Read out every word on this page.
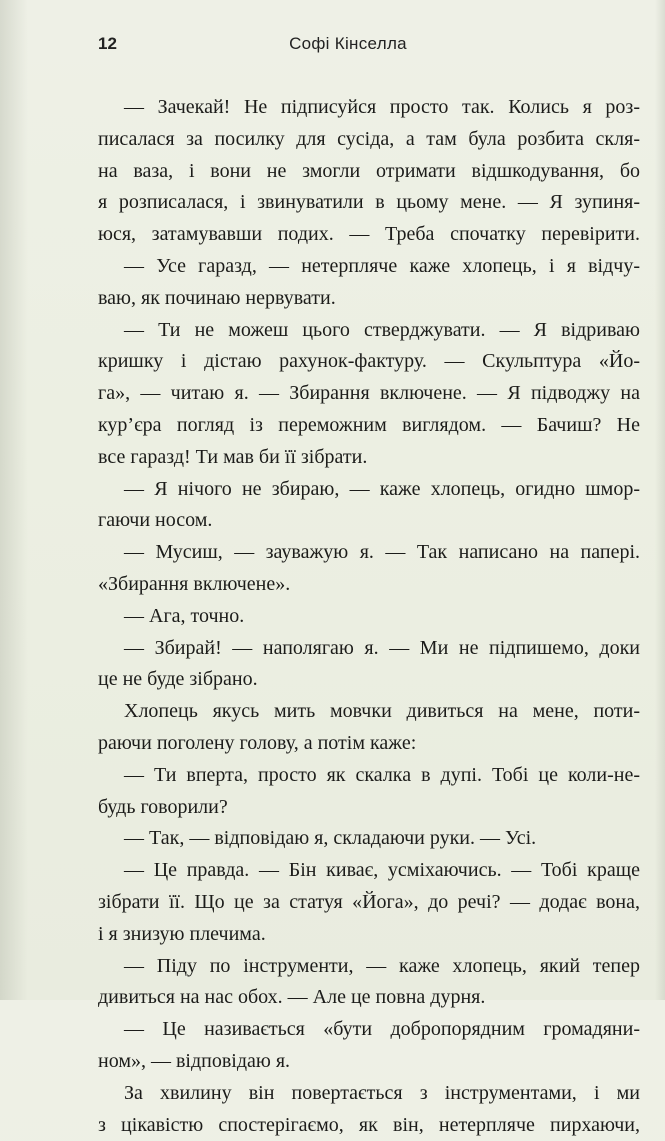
12	Софі Кінселла
— Зачекай! Не підписуйся просто так. Колись я роз-
писалася за посилку для сусіда, а там була розбита скля-
на ваза, і вони не змогли отримати відшкодування, бо
я розписалася, і звинуватили в цьому мене. — Я зупиня-
юся, затамувавши подих. — Треба спочатку перевірити.
— Усе гаразд, — нетерпляче каже хлопець, і я відчу-
ваю, як починаю нервувати.
— Ти не можеш цього стверджувати. — Я відриваю
кришку і дістаю рахунок-фактуру. — Скульптура «Йо-
га», — читаю я. — Збирання включене. — Я підводжу на
кур’єра погляд із переможним виглядом. — Бачиш? Не
все гаразд! Ти мав би її зібрати.
— Я нічого не збираю, — каже хлопець, огидно шмор-
гаючи носом.
— Мусиш, — зауважую я. — Так написано на папері.
«Збирання включене».
— Ага, точно.
— Збирай! — наполягаю я. — Ми не підпишемо, доки
це не буде зібрано.
Хлопець якусь мить мовчки дивиться на мене, поти-
раючи поголену голову, а потім каже:
— Ти вперта, просто як скалка в дупі. Тобі це коли-не-
будь говорили?
— Так, — відповідаю я, складаючи руки. — Усі.
— Це правда. — Бін киває, усміхаючись. — Тобі краще
зібрати її. Що це за статуя «Йога», до речі? — додає вона,
і я знизую плечима.
— Піду по інструменти, — каже хлопець, який тепер
дивиться на нас обох. — Але це повна дурня.
— Це називається «бути добропорядним громадяни-
ном», — відповідаю я.
За хвилину він повертається з інструментами, і ми
з цікавістю спостерігаємо, як він, нетерпляче пирхаючи,
